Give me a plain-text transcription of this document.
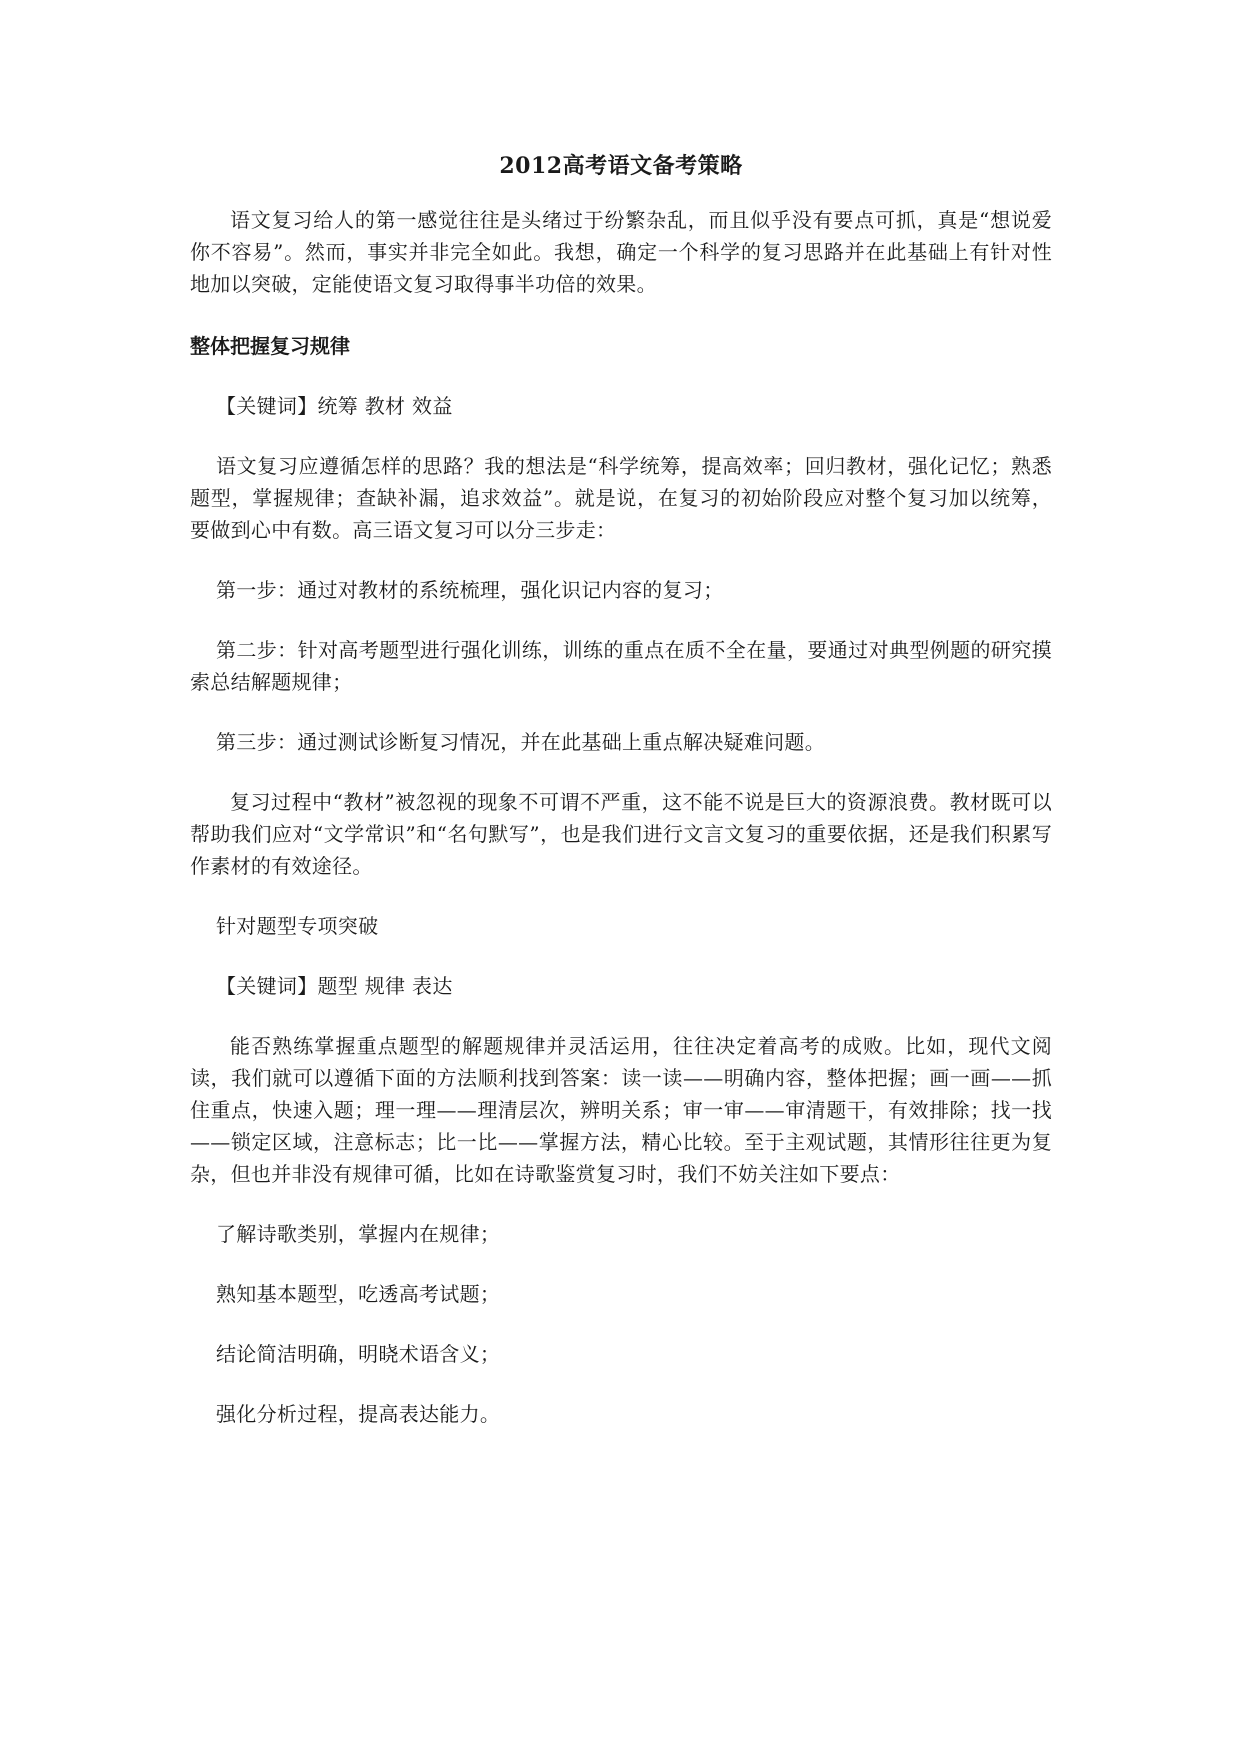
2012高考语文备考策略

语文复习给人的第一感觉往往是头绪过于纷繁杂乱，而且似乎没有要点可抓，真是“想说爱你不容易”。然而，事实并非完全如此。我想，确定一个科学的复习思路并在此基础上有针对性地加以突破，定能使语文复习取得事半功倍的效果。

整体把握复习规律

【关键词】统筹 教材 效益

语文复习应遵循怎样的思路？我的想法是“科学统筹，提高效率；回归教材，强化记忆；熟悉题型，掌握规律；查缺补漏，追求效益”。就是说，在复习的初始阶段应对整个复习加以统筹，要做到心中有数。高三语文复习可以分三步走：

第一步：通过对教材的系统梳理，强化识记内容的复习；

第二步：针对高考题型进行强化训练，训练的重点在质不全在量，要通过对典型例题的研究摸索总结解题规律；

第三步：通过测试诊断复习情况，并在此基础上重点解决疑难问题。

复习过程中“教材”被忽视的现象不可谓不严重，这不能不说是巨大的资源浪费。教材既可以帮助我们应对“文学常识”和“名句默写”，也是我们进行文言文复习的重要依据，还是我们积累写作素材的有效途径。

针对题型专项突破

【关键词】题型 规律 表达

能否熟练掌握重点题型的解题规律并灵活运用，往往决定着高考的成败。比如，现代文阅读，我们就可以遵循下面的方法顺利找到答案：读一读——明确内容，整体把握；画一画——抓住重点，快速入题；理一理——理清层次，辨明关系；审一审——审清题干，有效排除；找一找——锁定区域，注意标志；比一比——掌握方法，精心比较。至于主观试题，其情形往往更为复杂，但也并非没有规律可循，比如在诗歌鉴赏复习时，我们不妨关注如下要点：

了解诗歌类别，掌握内在规律；

熟知基本题型，吃透高考试题；

结论简洁明确，明晓术语含义；

强化分析过程，提高表达能力。
